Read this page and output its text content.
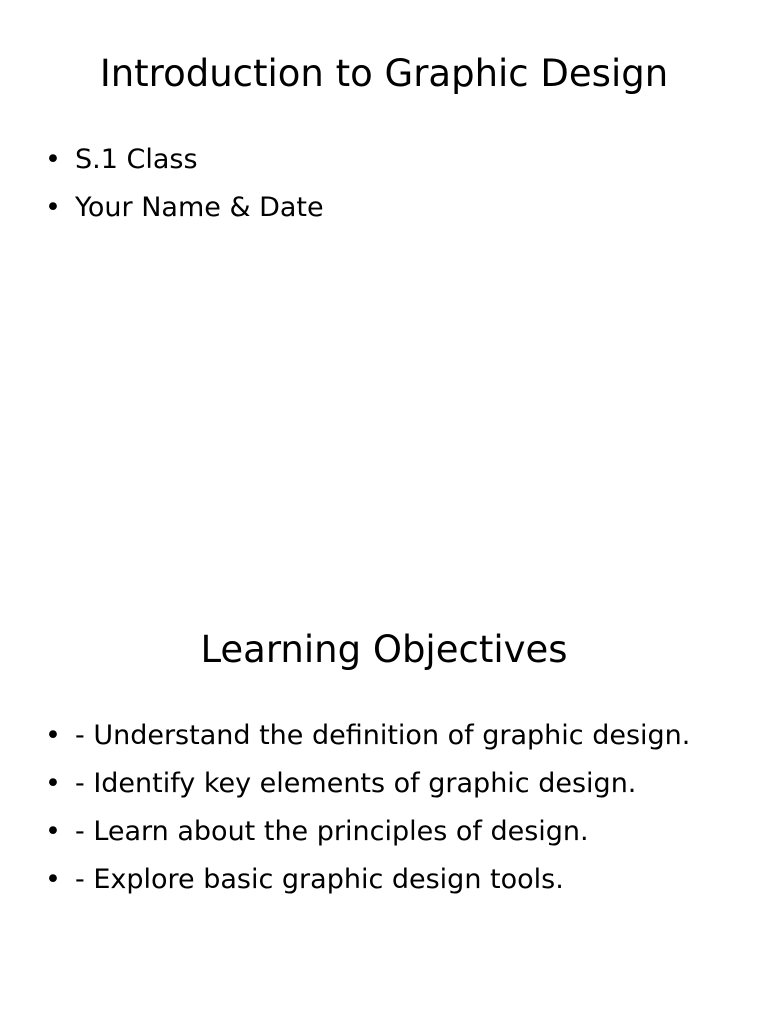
Introduction to Graphic Design
• S.1 Class
• Your Name & Date
Learning Objectives
• - Understand the definition of graphic design.
• - Identify key elements of graphic design.
• - Learn about the principles of design.
• - Explore basic graphic design tools.
